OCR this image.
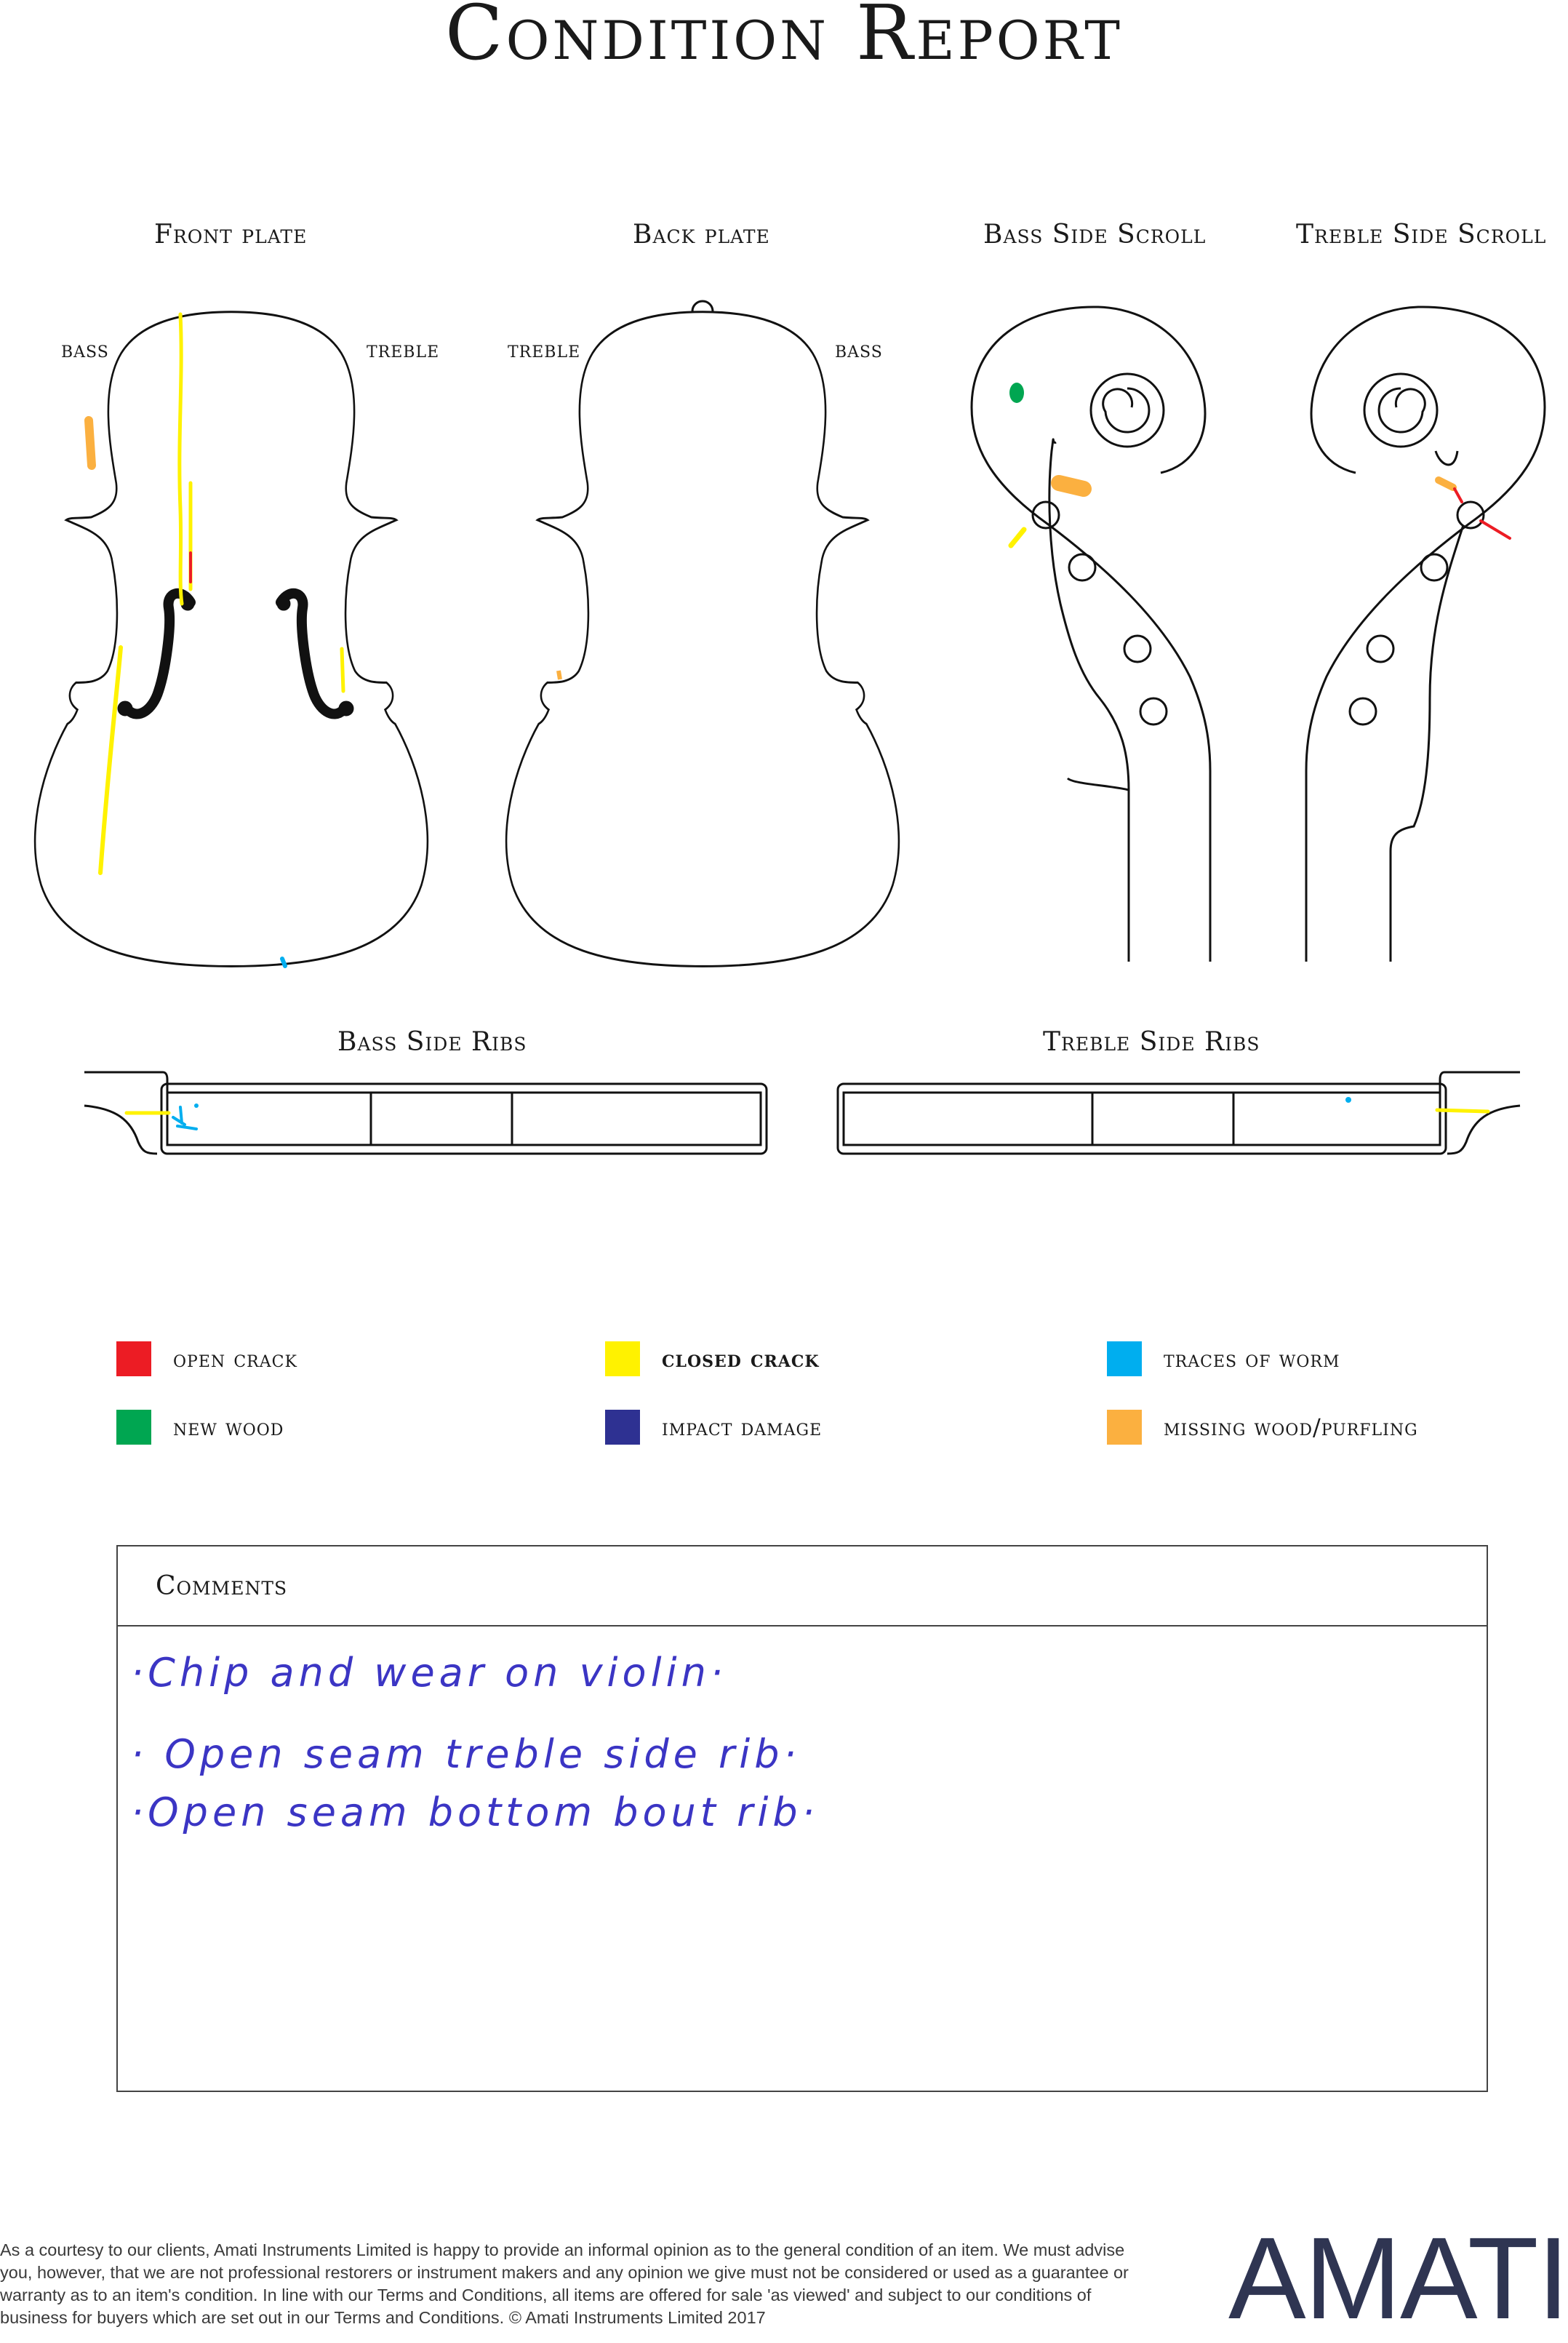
Condition Report
Front plate	Back plate	Bass Side Scroll	Treble Side Scroll
Bass Side Ribs	Treble Side Ribs
BASS	TREBLE	TREBLE	BASS
open crack	closed crack	traces of worm
new wood	impact damage	missing wood/purfling
Comments
·Chip and wear on violin·
· Open seam treble side rib·
·Open seam bottom bout rib·
As a courtesy to our clients, Amati Instruments Limited is happy to provide an informal opinion as to the general condition of an item. We must advise you, however, that we are not professional restorers or instrument makers and any opinion we give must not be considered or used as a guarantee or warranty as to an item's condition. In line with our Terms and Conditions, all items are offered for sale 'as viewed' and subject to our conditions of business for buyers which are set out in our Terms and Conditions. © Amati Instruments Limited 2017	AMATI
